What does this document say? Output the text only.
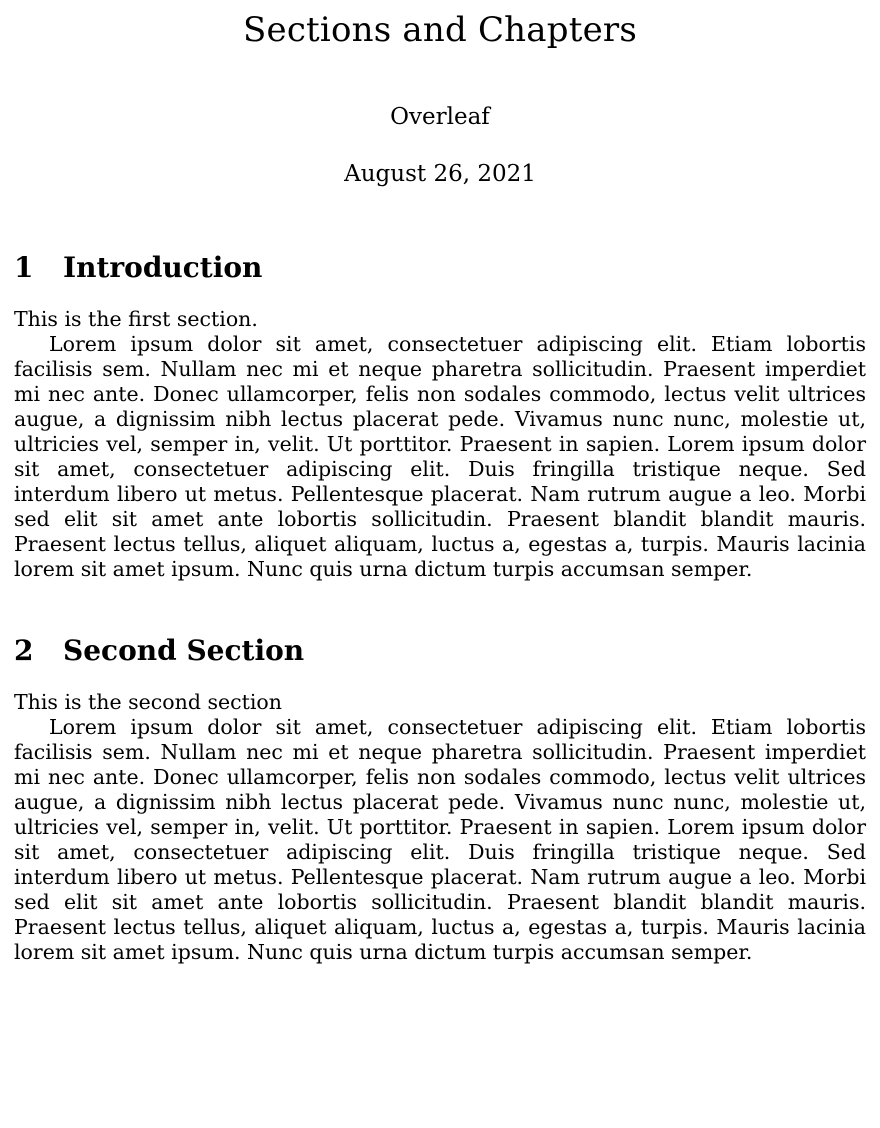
Sections and Chapters

Overleaf

August 26, 2021

1 Introduction

This is the first section.

Lorem ipsum dolor sit amet, consectetuer adipiscing elit. Etiam lobortis facilisis sem. Nullam nec mi et neque pharetra sollicitudin. Praesent imperdiet mi nec ante. Donec ullamcorper, felis non sodales commodo, lectus velit ultrices augue, a dignissim nibh lectus placerat pede. Vivamus nunc nunc, molestie ut, ultricies vel, semper in, velit. Ut porttitor. Praesent in sapien. Lorem ipsum dolor sit amet, consectetuer adipiscing elit. Duis fringilla tristique neque. Sed interdum libero ut metus. Pellentesque placerat. Nam rutrum augue a leo. Morbi sed elit sit amet ante lobortis sollicitudin. Praesent blandit blandit mauris. Praesent lectus tellus, aliquet aliquam, luctus a, egestas a, turpis. Mauris lacinia lorem sit amet ipsum. Nunc quis urna dictum turpis accumsan semper.

2 Second Section

This is the second section

Lorem ipsum dolor sit amet, consectetuer adipiscing elit. Etiam lobortis facilisis sem. Nullam nec mi et neque pharetra sollicitudin. Praesent imperdiet mi nec ante. Donec ullamcorper, felis non sodales commodo, lectus velit ultrices augue, a dignissim nibh lectus placerat pede. Vivamus nunc nunc, molestie ut, ultricies vel, semper in, velit. Ut porttitor. Praesent in sapien. Lorem ipsum dolor sit amet, consectetuer adipiscing elit. Duis fringilla tristique neque. Sed interdum libero ut metus. Pellentesque placerat. Nam rutrum augue a leo. Morbi sed elit sit amet ante lobortis sollicitudin. Praesent blandit blandit mauris. Praesent lectus tellus, aliquet aliquam, luctus a, egestas a, turpis. Mauris lacinia lorem sit amet ipsum. Nunc quis urna dictum turpis accumsan semper.
